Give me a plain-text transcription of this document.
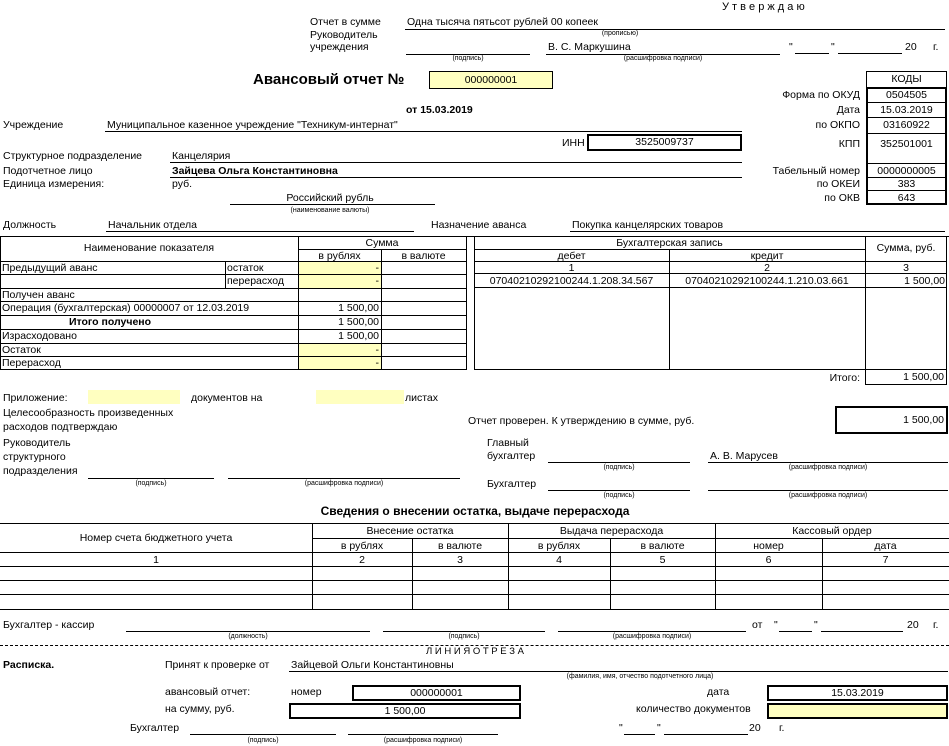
У т в е р ж д а ю
Отчет в сумме Одна тысяча пятьсот рублей 00 копеек
(прописью)
Руководитель
учреждения
(подпись)
В. С. Маркушина
(расшифровка подписи)
"	"	20 г.
Авансовый отчет №	000000001
от 15.03.2019
КОДЫ
Форма по ОКУД	0504505
Дата	15.03.2019
по ОКПО	03160922
КПП	352501001
Табельный номер	0000000005
по ОКЕИ	383
по ОКВ	643
Учреждение	Муниципальное казенное учреждение "Техникум-интернат"
ИНН	3525009737
Структурное подразделение	Канцелярия
Подотчетное лицо	Зайцева Ольга Константиновна
Единица измерения:	руб.
Российский рубль
(наименование валюты)
Должность	Начальник отдела	Назначение аванса	Покупка канцелярских товаров
Наименование показателя	Сумма
в рублях	в валюте
Предыдущий аванс	остаток	-
перерасход	-
Получен аванс
Операция (бухгалтерская) 00000007 от 12.03.2019	1 500,00
Итого получено	1 500,00
Израсходовано	1 500,00
Остаток	-
Перерасход	-
Бухгалтерская запись	Сумма, руб.
дебет	кредит
1	2	3
07040210292100244.1.208.34.567	07040210292100244.1.210.03.661	1 500,00
Итого:	1 500,00
Приложение:	документов на	листах
Целесообразность произведенных
расходов подтверждаю	Отчет проверен. К утверждению в сумме, руб.	1 500,00
Руководитель
структурного
подразделения
(подпись)	(расшифровка подписи)
Главный
бухгалтер
(подпись)
А. В. Марусев
(расшифровка подписи)
Бухгалтер
(подпись)	(расшифровка подписи)
Сведения о внесении остатка, выдаче перерасхода
Номер счета бюджетного учета
Внесение остатка	Выдача перерасхода	Кассовый ордер
в рублях	в валюте	в рублях	в валюте	номер	дата
1	2	3	4	5	6	7
Бухгалтер - кассир
(должность)	(подпись)	(расшифровка подписи)
от "	"	20 г.
Л И Н И Я О Т Р Е З А
Расписка.	Принят к проверке от Зайцевой Ольги Константиновны
(фамилия, имя, отчество подотчетного лица)
авансовый отчет:	номер	000000001	дата	15.03.2019
на сумму, руб.	1 500,00	количество документов
Бухгалтер
(подпись)	(расшифровка подписи)
"	"	20 г.
